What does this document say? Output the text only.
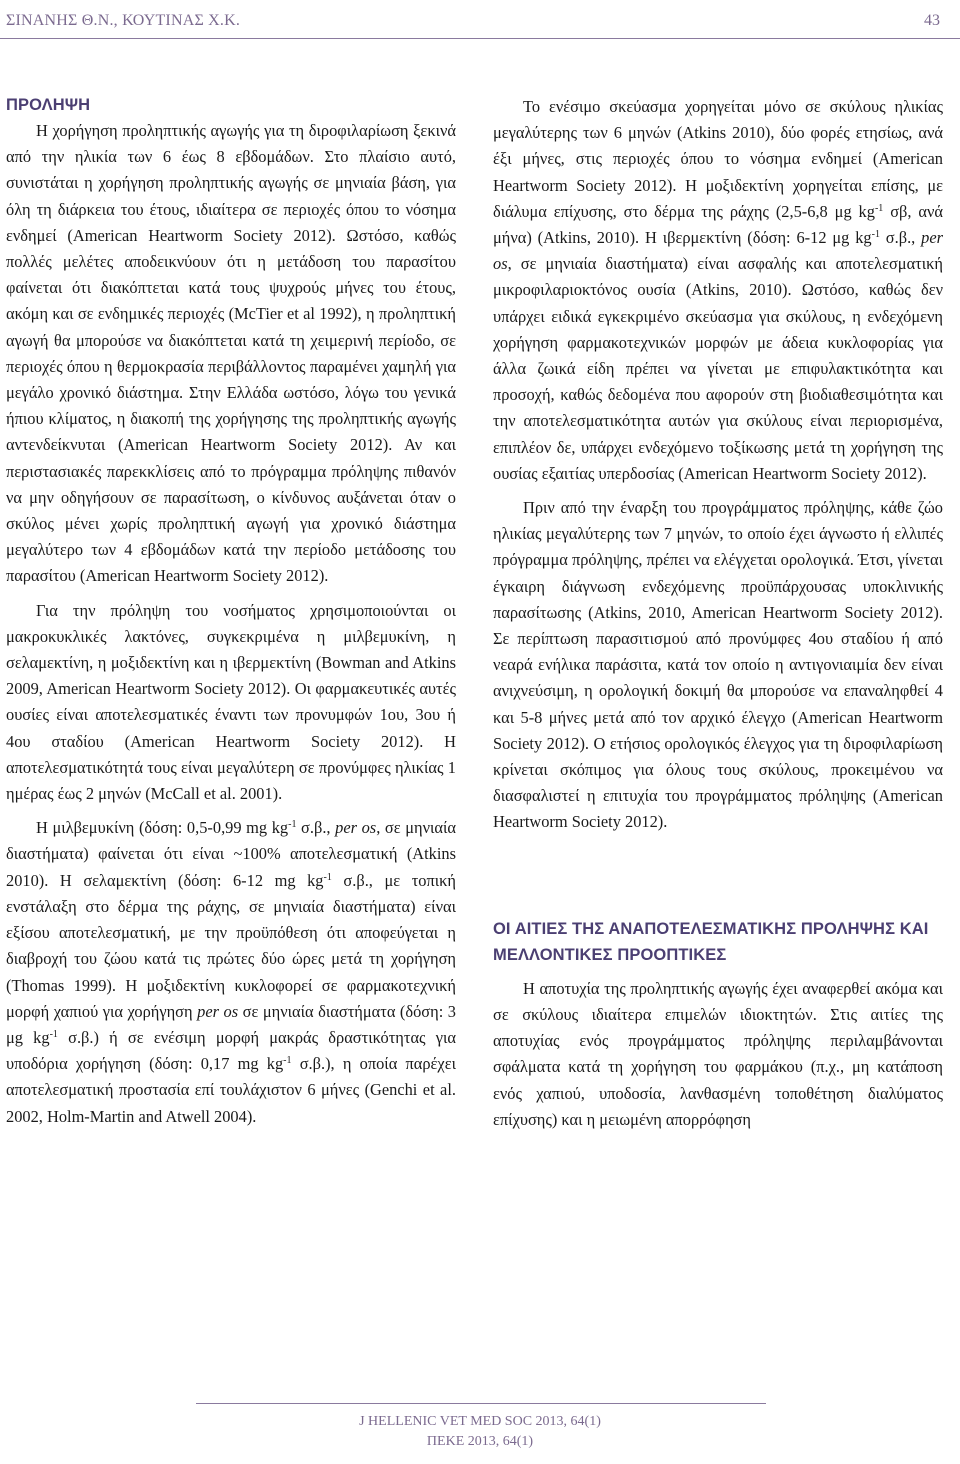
ΣΙΝΑΝΗΣ Θ.Ν., ΚΟΥΤΙΝΑΣ Χ.Κ.	43
ΠΡΟΛΗΨΗ

Η χορήγηση προληπτικής αγωγής για τη διροφιλαρίωση ξεκινά από την ηλικία των 6 έως 8 εβδομάδων. Στο πλαίσιο αυτό, συνιστάται η χορήγηση προληπτικής αγωγής σε μηνιαία βάση, για όλη τη διάρκεια του έτους, ιδιαίτερα σε περιοχές όπου το νόσημα ενδημεί (American Heartworm Society 2012). Ωστόσο, καθώς πολλές μελέτες αποδεικνύουν ότι η μετάδοση του παρασίτου φαίνεται ότι διακόπτεται κατά τους ψυχρούς μήνες του έτους, ακόμη και σε ενδημικές περιοχές (McTier et al 1992), η προληπτική αγωγή θα μπορούσε να διακόπτεται κατά τη χειμερινή περίοδο, σε περιοχές όπου η θερμοκρασία περιβάλλοντος παραμένει χαμηλή για μεγάλο χρονικό διάστημα. Στην Ελλάδα ωστόσο, λόγω του γενικά ήπιου κλίματος, η διακοπή της χορήγησης της προληπτικής αγωγής αντενδείκνυται (American Heartworm Society 2012). Αν και περιστασιακές παρεκκλίσεις από το πρόγραμμα πρόληψης πιθανόν να μην οδηγήσουν σε παρασίτωση, ο κίνδυνος αυξάνεται όταν ο σκύλος μένει χωρίς προληπτική αγωγή για χρονικό διάστημα μεγαλύτερο των 4 εβδομάδων κατά την περίοδο μετάδοσης του παρασίτου (American Heartworm Society 2012).

Για την πρόληψη του νοσήματος χρησιμοποιούνται οι μακροκυκλικές λακτόνες, συγκεκριμένα η μιλβεμυκίνη, η σελαμεκτίνη, η μοξιδεκτίνη και η ιβερμεκτίνη (Bowman and Atkins 2009, American Heartworm Society 2012). Οι φαρμακευτικές αυτές ουσίες είναι αποτελεσματικές έναντι των προνυμφών 1ου, 3ου ή 4ου σταδίου (American Heartworm Society 2012). Η αποτελεσματικότητά τους είναι μεγαλύτερη σε προνύμφες ηλικίας 1 ημέρας έως 2 μηνών (McCall et al. 2001).

Η μιλβεμυκίνη (δόση: 0,5-0,99 mg $kg^{-1}$ σ.β., per os, σε μηνιαία διαστήματα) φαίνεται ότι είναι ~100% αποτελεσματική (Atkins 2010). Η σελαμεκτίνη (δόση: 6-12 mg $kg^{-1}$ σ.β., με τοπική ενστάλαξη στο δέρμα της ράχης, σε μηνιαία διαστήματα) είναι εξίσου αποτελεσματική, με την προϋπόθεση ότι αποφεύγεται η διαβροχή του ζώου κατά τις πρώτες δύο ώρες μετά τη χορήγηση (Thomas 1999). Η μοξιδεκτίνη κυκλοφορεί σε φαρμακοτεχνική μορφή χαπιού για χορήγηση per os σε μηνιαία διαστήματα (δόση: 3 μg $kg^{-1}$ σ.β.) ή σε ενέσιμη μορφή μακράς δραστικότητας για υποδόρια χορήγηση (δόση: 0,17 mg $kg^{-1}$ σ.β.), η οποία παρέχει αποτελεσματική προστασία επί τουλάχιστον 6 μήνες (Genchi et al. 2002, Holm-Martin and Atwell 2004).

Το ενέσιμο σκεύασμα χορηγείται μόνο σε σκύλους ηλικίας μεγαλύτερης των 6 μηνών (Atkins 2010), δύο φορές ετησίως, ανά έξι μήνες, στις περιοχές όπου το νόσημα ενδημεί (American Heartworm Society 2012). Η μοξιδεκτίνη χορηγείται επίσης, με διάλυμα επίχυσης, στο δέρμα της ράχης (2,5-6,8 μg $kg^{-1}$ σβ, ανά μήνα) (Atkins, 2010). Η ιβερμεκτίνη (δόση: 6-12 μg $kg^{-1}$ σ.β., per os, σε μηνιαία διαστήματα) είναι ασφαλής και αποτελεσματική μικροφιλαριοκτόνος ουσία (Atkins, 2010). Ωστόσο, καθώς δεν υπάρχει ειδικά εγκεκριμένο σκεύασμα για σκύλους, η ενδεχόμενη χορήγηση φαρμακοτεχνικών μορφών με άδεια κυκλοφορίας για άλλα ζωικά είδη πρέπει να γίνεται με επιφυλακτικότητα και προσοχή, καθώς δεδομένα που αφορούν στη βιοδιαθεσιμότητα και την αποτελεσματικότητα αυτών για σκύλους είναι περιορισμένα, επιπλέον δε, υπάρχει ενδεχόμενο τοξίκωσης μετά τη χορήγηση της ουσίας εξαιτίας υπερδοσίας (American Heartworm Society 2012).

Πριν από την έναρξη του προγράμματος πρόληψης, κάθε ζώο ηλικίας μεγαλύτερης των 7 μηνών, το οποίο έχει άγνωστο ή ελλιπές πρόγραμμα πρόληψης, πρέπει να ελέγχεται ορολογικά. Έτσι, γίνεται έγκαιρη διάγνωση ενδεχόμενης προϋπάρχουσας υποκλινικής παρασίτωσης (Atkins, 2010, American Heartworm Society 2012). Σε περίπτωση παρασιτισμού από προνύμφες 4ου σταδίου ή από νεαρά ενήλικα παράσιτα, κατά τον οποίο η αντιγονιαιμία δεν είναι ανιχνεύσιμη, η ορολογική δοκιμή θα μπορούσε να επαναληφθεί 4 και 5-8 μήνες μετά από τον αρχικό έλεγχο (American Heartworm Society 2012). Ο ετήσιος ορολογικός έλεγχος για τη διροφιλαρίωση κρίνεται σκόπιμος για όλους τους σκύλους, προκειμένου να διασφαλιστεί η επιτυχία του προγράμματος πρόληψης (American Heartworm Society 2012).

ΟΙ ΑΙΤΙΕΣ ΤΗΣ ΑΝΑΠΟΤΕΛΕΣΜΑΤΙΚΗΣ ΠΡΟΛΗΨΗΣ ΚΑΙ ΜΕΛΛΟΝΤΙΚΕΣ ΠΡΟΟΠΤΙΚΕΣ

Η αποτυχία της προληπτικής αγωγής έχει αναφερθεί ακόμα και σε σκύλους ιδιαίτερα επιμελών ιδιοκτητών. Στις αιτίες της αποτυχίας ενός προγράμματος πρόληψης περιλαμβάνονται σφάλματα κατά τη χορήγηση του φαρμάκου (π.χ., μη κατάποση ενός χαπιού, υποδοσία, λανθασμένη τοποθέτηση διαλύματος επίχυσης) και η μειωμένη απορρόφηση

J HELLENIC VET MED SOC 2013, 64(1)
ΠΕΚΕ 2013, 64(1)
